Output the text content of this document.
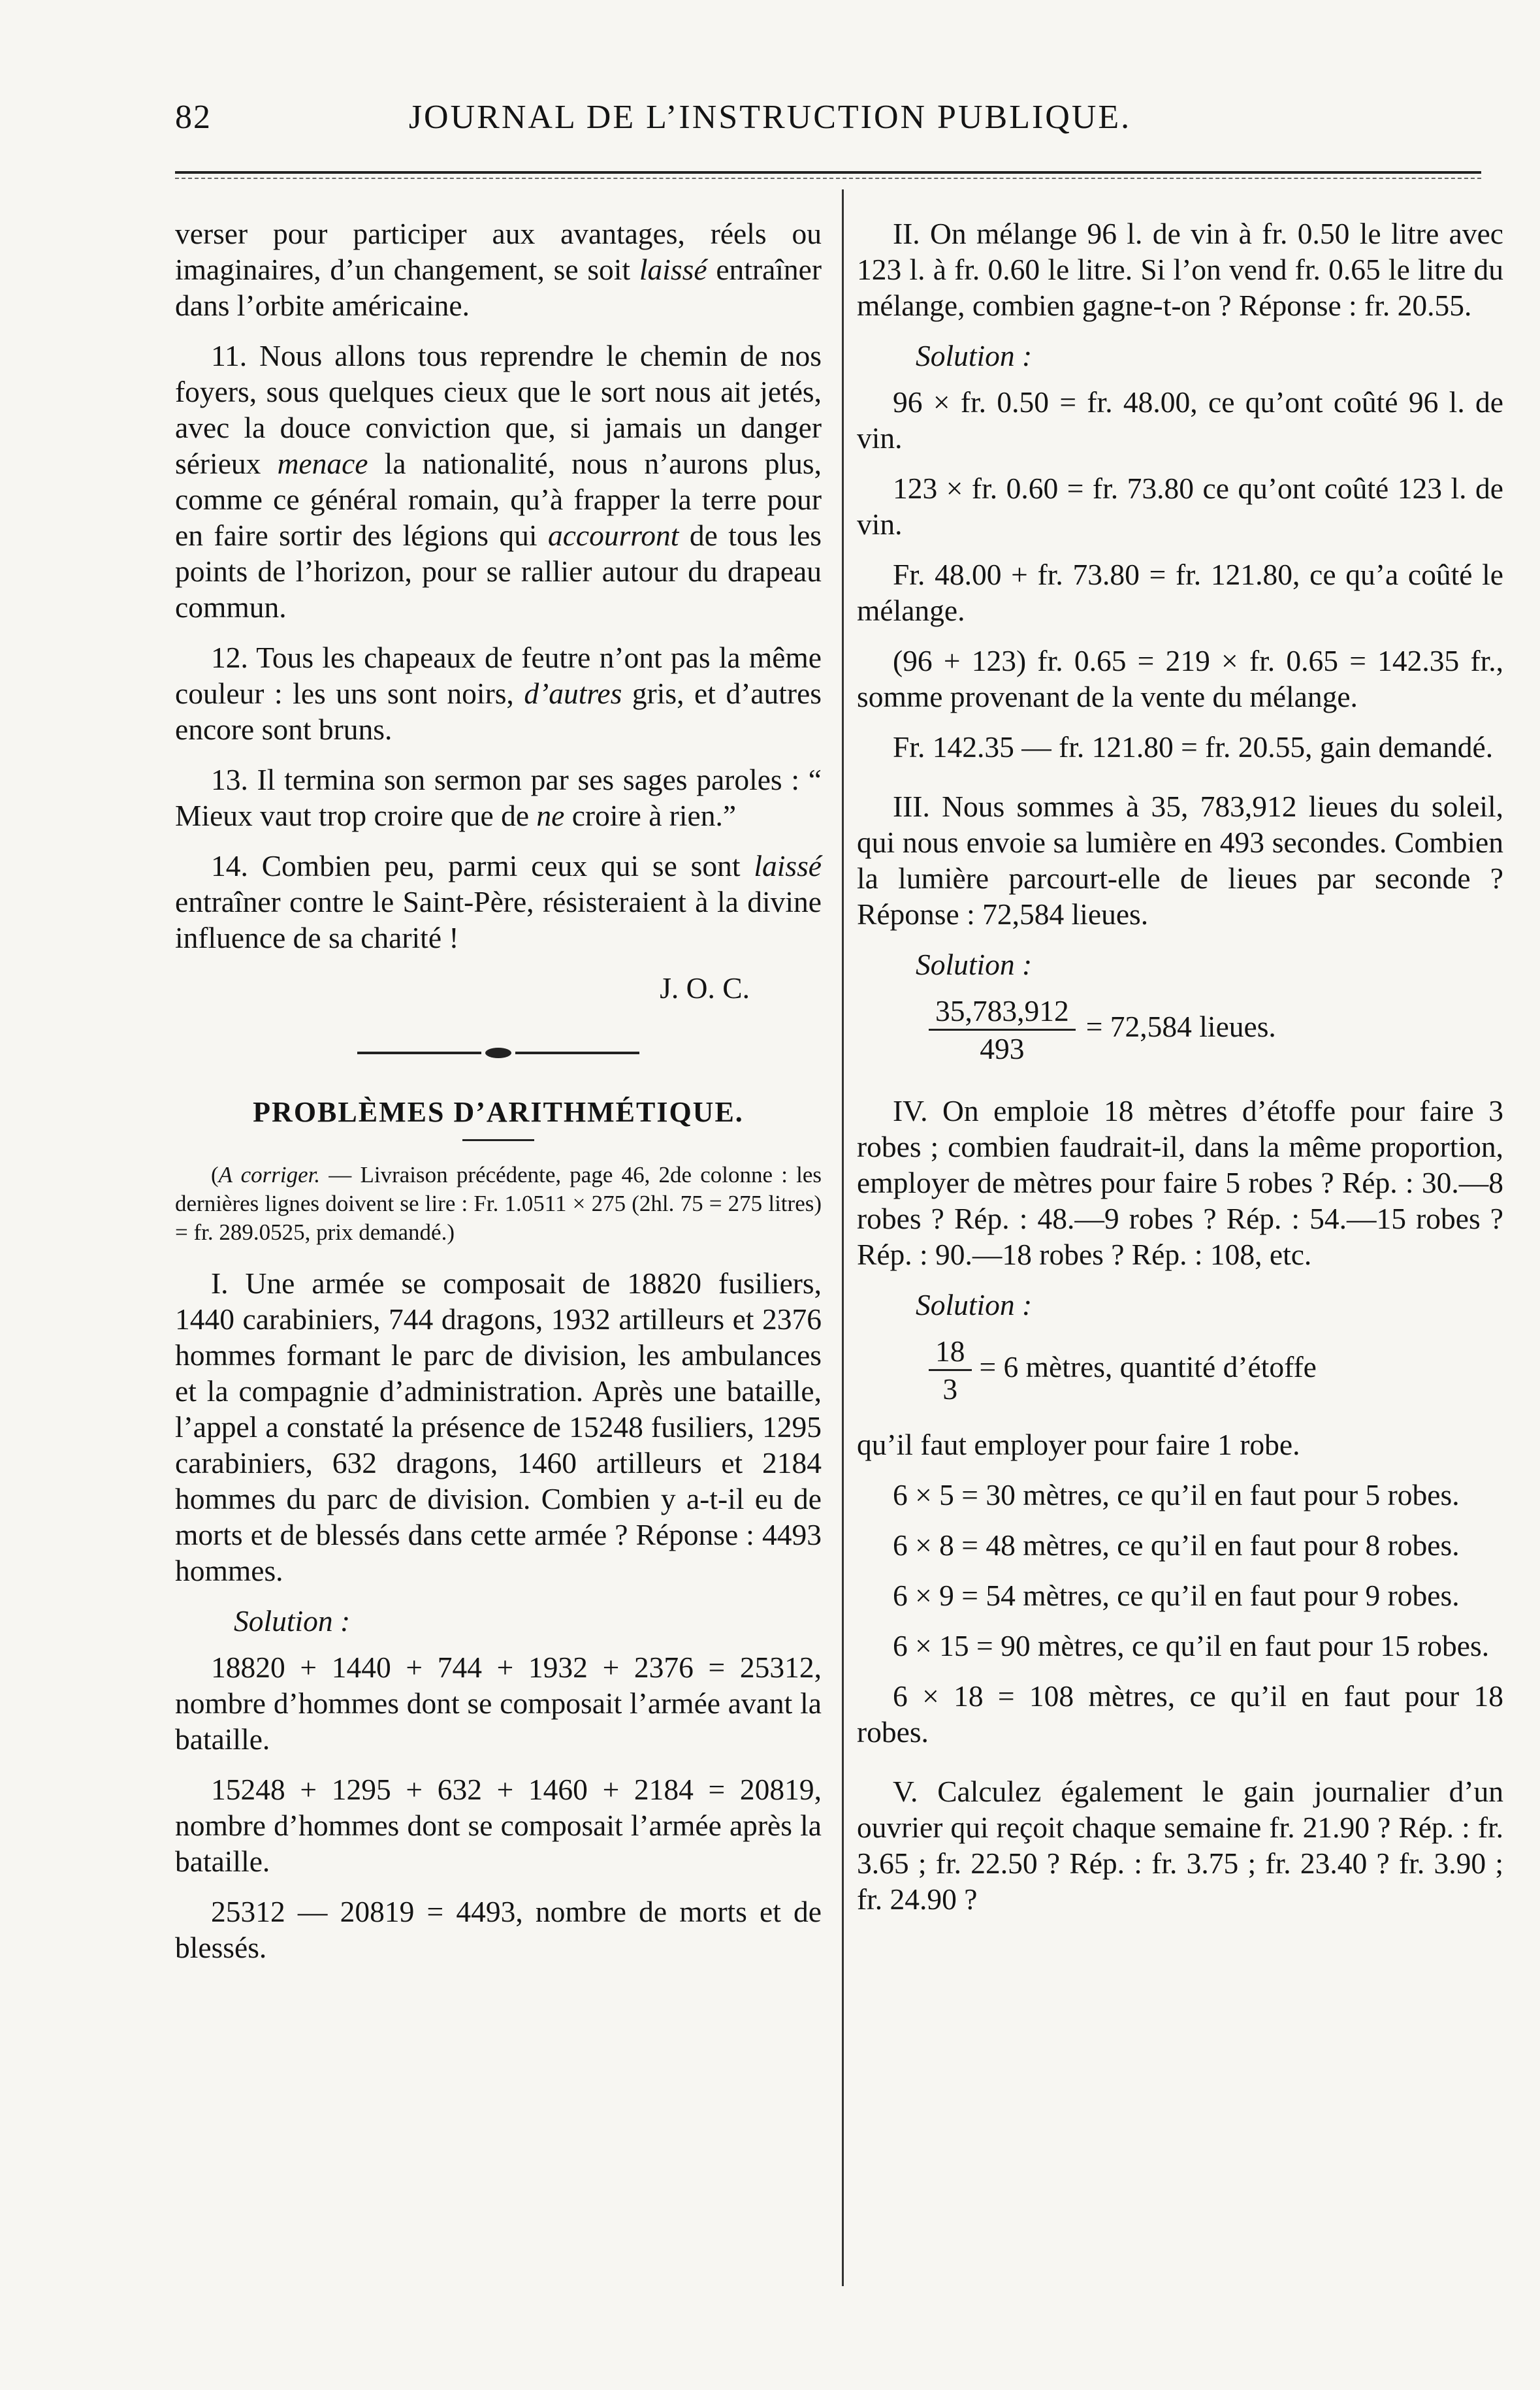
JOURNAL DE L’INSTRUCTION PUBLIQUE.
82

verser pour participer aux avantages, réels ou imaginaires, d’un changement, se soit laissé entraîner dans l’orbite américaine.

11. Nous allons tous reprendre le chemin de nos foyers, sous quelques cieux que le sort nous ait jetés, avec la douce conviction que, si jamais un danger sérieux menace la nationalité, nous n’aurons plus, comme ce général romain, qu’à frapper la terre pour en faire sortir des légions qui accourront de tous les points de l’horizon, pour se rallier autour du drapeau commun.

12. Tous les chapeaux de feutre n’ont pas la même couleur : les uns sont noirs, d’autres gris, et d’autres encore sont bruns.

13. Il termina son sermon par ses sages paroles : “ Mieux vaut trop croire que de ne croire à rien.”

14. Combien peu, parmi ceux qui se sont laissé entraîner contre le Saint-Père, résisteraient à la divine influence de sa charité !

J. O. C.
PROBLÈMES D’ARITHMÉTIQUE.

(A corriger. — Livraison précédente, page 46, 2de colonne : les dernières lignes doivent se lire : Fr. 1.0511 × 275 (2hl. 75 = 275 litres) = fr. 289.0525, prix demandé.)

I. Une armée se composait de 18820 fusiliers, 1440 carabiniers, 744 dragons, 1932 artilleurs et 2376 hommes formant le parc de division, les ambulances et la compagnie d’administration. Après une bataille, l’appel a constaté la présence de 15248 fusiliers, 1295 carabiniers, 632 dragons, 1460 artilleurs et 2184 hommes du parc de division. Combien y a-t-il eu de morts et de blessés dans cette armée ? Réponse : 4493 hommes.

Solution :

18820 + 1440 + 744 + 1932 + 2376 = 25312, nombre d’hommes dont se composait l’armée avant la bataille.

15248 + 1295 + 632 + 1460 + 2184 = 20819, nombre d’hommes dont se composait l’armée après la bataille.

25312 — 20819 = 4493, nombre de morts et de blessés.

II. On mélange 96 l. de vin à fr. 0.50 le litre avec 123 l. à fr. 0.60 le litre. Si l’on vend fr. 0.65 le litre du mélange, combien gagne-t-on ? Réponse : fr. 20.55.

Solution :

96 × fr. 0.50 = fr. 48.00, ce qu’ont coûté 96 l. de vin.

123 × fr. 0.60 = fr. 73.80 ce qu’ont coûté 123 l. de vin.

Fr. 48.00 + fr. 73.80 = fr. 121.80, ce qu’a coûté le mélange.

(96 + 123) fr. 0.65 = 219 × fr. 0.65 = 142.35 fr., somme provenant de la vente du mélange.

Fr. 142.35 — fr. 121.80 = fr. 20.55, gain demandé.

III. Nous sommes à 35, 783,912 lieues du soleil, qui nous envoie sa lumière en 493 secondes. Combien la lumière parcourt-elle de lieues par seconde ? Réponse : 72,584 lieues.

Solution :

$\frac{35,783,912}{493} = 72,584$ lieues.

IV. On emploie 18 mètres d’étoffe pour faire 3 robes ; combien faudrait-il, dans la même proportion, employer de mètres pour faire 5 robes ? Rép. : 30.—8 robes ? Rép. : 48.—9 robes ? Rép. : 54.—15 robes ? Rép. : 90.—18 robes ? Rép. : 108, etc.

Solution :

$\frac{18}{3} = 6$ mètres, quantité d’étoffe

qu’il faut employer pour faire 1 robe.

6 × 5 = 30 mètres, ce qu’il en faut pour 5 robes.

6 × 8 = 48 mètres, ce qu’il en faut pour 8 robes.

6 × 9 = 54 mètres, ce qu’il en faut pour 9 robes.

6 × 15 = 90 mètres, ce qu’il en faut pour 15 robes.

6 × 18 = 108 mètres, ce qu’il en faut pour 18 robes.

V. Calculez également le gain journalier d’un ouvrier qui reçoit chaque semaine fr. 21.90 ? Rép. : fr. 3.65 ; fr. 22.50 ? Rép. : fr. 3.75 ; fr. 23.40 ? fr. 3.90 ; fr. 24.90 ?
